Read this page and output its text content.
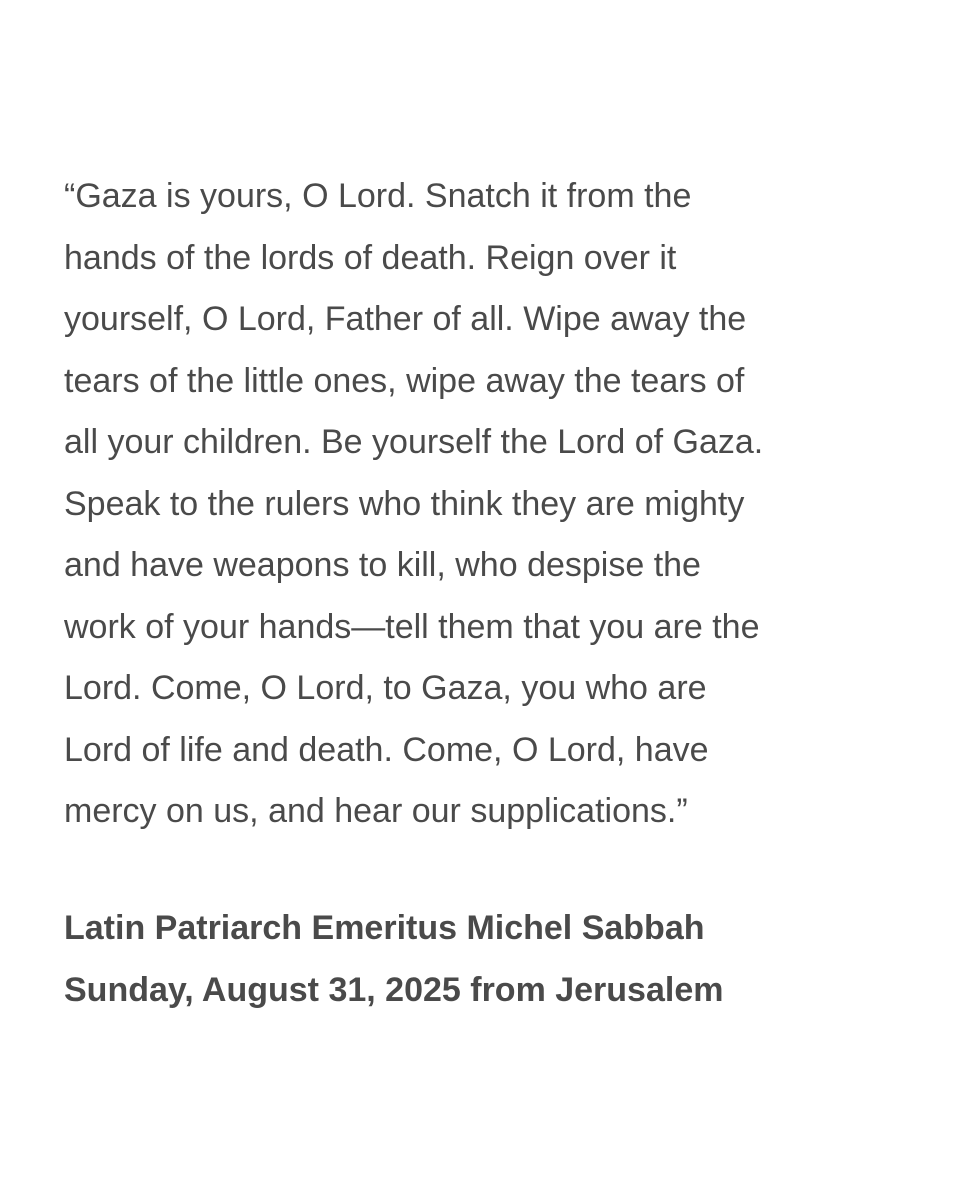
“Gaza is yours, O Lord. Snatch it from the
hands of the lords of death. Reign over it
yourself, O Lord, Father of all. Wipe away the
tears of the little ones, wipe away the tears of
all your children. Be yourself the Lord of Gaza.
Speak to the rulers who think they are mighty
and have weapons to kill, who despise the
work of your hands—tell them that you are the
Lord. Come, O Lord, to Gaza, you who are
Lord of life and death. Come, O Lord, have
mercy on us, and hear our supplications.”

Latin Patriarch Emeritus Michel Sabbah
Sunday, August 31, 2025 from Jerusalem
